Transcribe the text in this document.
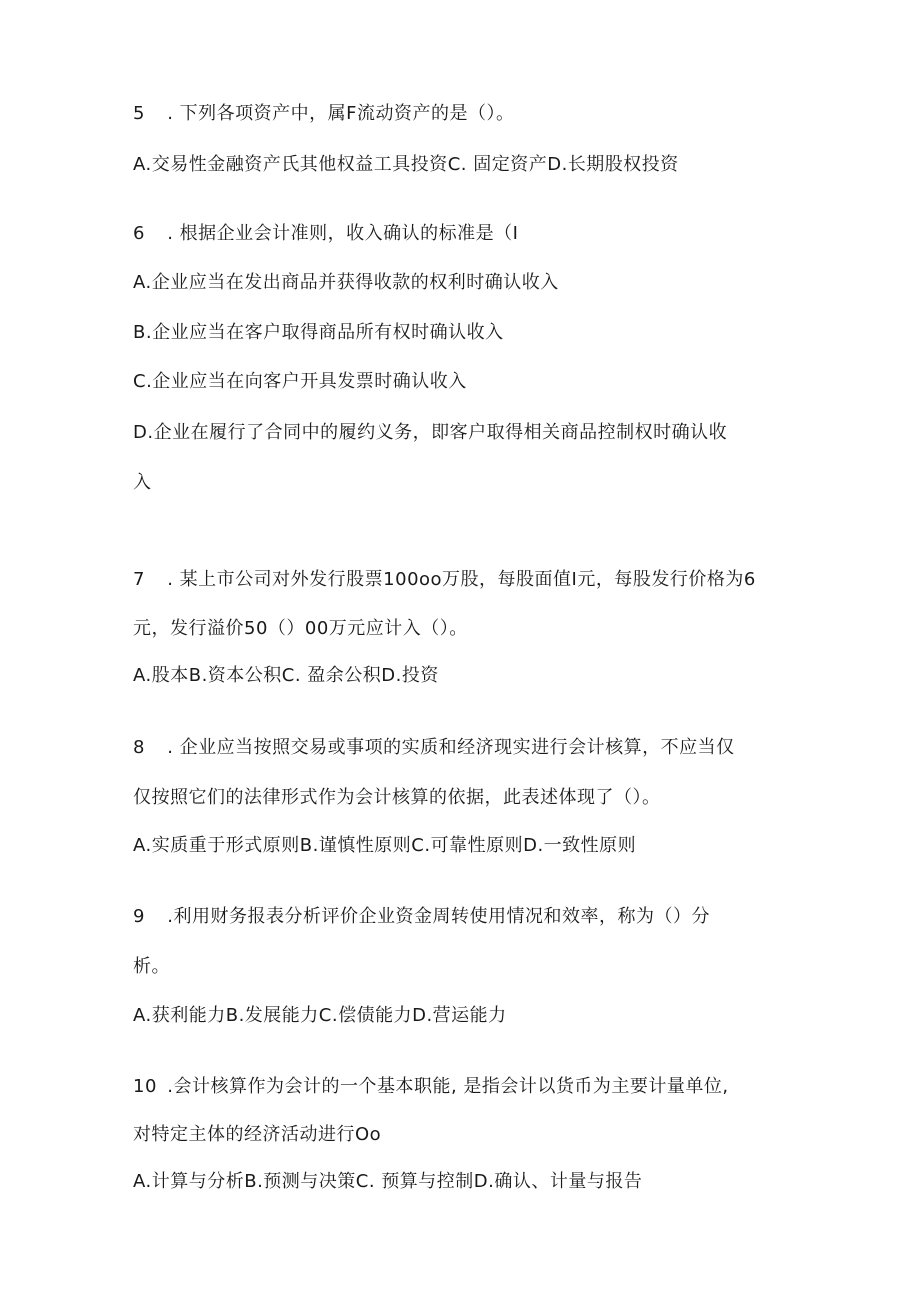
5 . 下列各项资产中，属F流动资产的是（）。
A.交易性金融资产氏其他权益工具投资C. 固定资产D.长期股权投资
6 . 根据企业会计准则，收入确认的标准是（I
A.企业应当在发出商品并获得收款的权利时确认收入
B.企业应当在客户取得商品所有权时确认收入
C.企业应当在向客户开具发票时确认收入
D.企业在履行了合同中的履约义务，即客户取得相关商品控制权时确认收
入
7 . 某上市公司对外发行股票100oo万股，每股面值I元，每股发行价格为6
元，发行溢价50（）00万元应计入（）。
A.股本B.资本公积C. 盈余公积D.投资
8 . 企业应当按照交易或事项的实质和经济现实进行会计核算，不应当仅
仅按照它们的法律形式作为会计核算的依据，此表述体现了（）。
A.实质重于形式原则B.谨慎性原则C.可靠性原则D.一致性原则
9 .利用财务报表分析评价企业资金周转使用情况和效率，称为（）分
析。
A.获利能力B.发展能力C.偿债能力D.营运能力
10 .会计核算作为会计的一个基本职能, 是指会计以货币为主要计量单位,
对特定主体的经济活动进行Oo
A.计算与分析B.预测与决策C. 预算与控制D.确认、计量与报告
